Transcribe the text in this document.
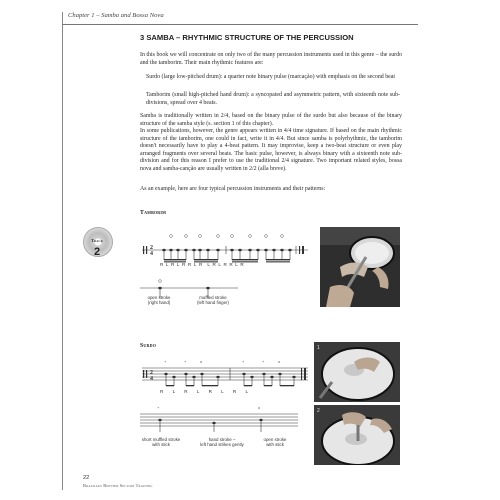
Chapter 1 – Samba and Bossa Nova
3 SAMBA – RHYTHMIC STRUCTURE OF THE PERCUSSION
In this book we will concentrate on only two of the many percussion instruments used in this genre – the surdo and the tamborim. Their main rhythmic features are:
Surdo (large low-pitched drum): a quarter note binary pulse (marcação) with emphasis on the second beat
Tamborim (small high-pitched hand drum): a syncopated and asymmetric pattern, with sixteenth note sub-divisions, spread over 4 beats.
Samba is traditionally written in 2/4, based on the binary pulse of the surdo but also because of the binary structure of the samba style (s. section 1 of this chapter).
In some publications, however, the genre appears written in 4/4 time signature. If based on the main rhythmic structure of the tamborim, one could in fact, write it in 4/4. But since samba is polyrhythmic, the tamborim doesn't necessarily have to play a 4-beat pattern. It may improvise, keep a two-beat structure or even play arranged fragments over several beats. The basic pulse, however, is always binary with a sixteenth note sub-division and for this reason I prefer to use the traditional 2/4 signature. Two important related styles, bossa nova and samba-canção are usually written in 2/2 (alla breve).
As an example, here are four typical percussion instruments and their patterns:
Track
2
Tamborim
2
4
R L R L R R L R L R L R R L R
open stroke
(right hand)
muffled stroke
(left hand finger)
Surdo
2
4
+	+	o	+	+	o
R L R L R L R L
+	o
short muffled stroke
with stick
hand stroke –
left hand strikes gently
open stroke
with stick
1
2
22
Brazilian Rhythm Section Training
